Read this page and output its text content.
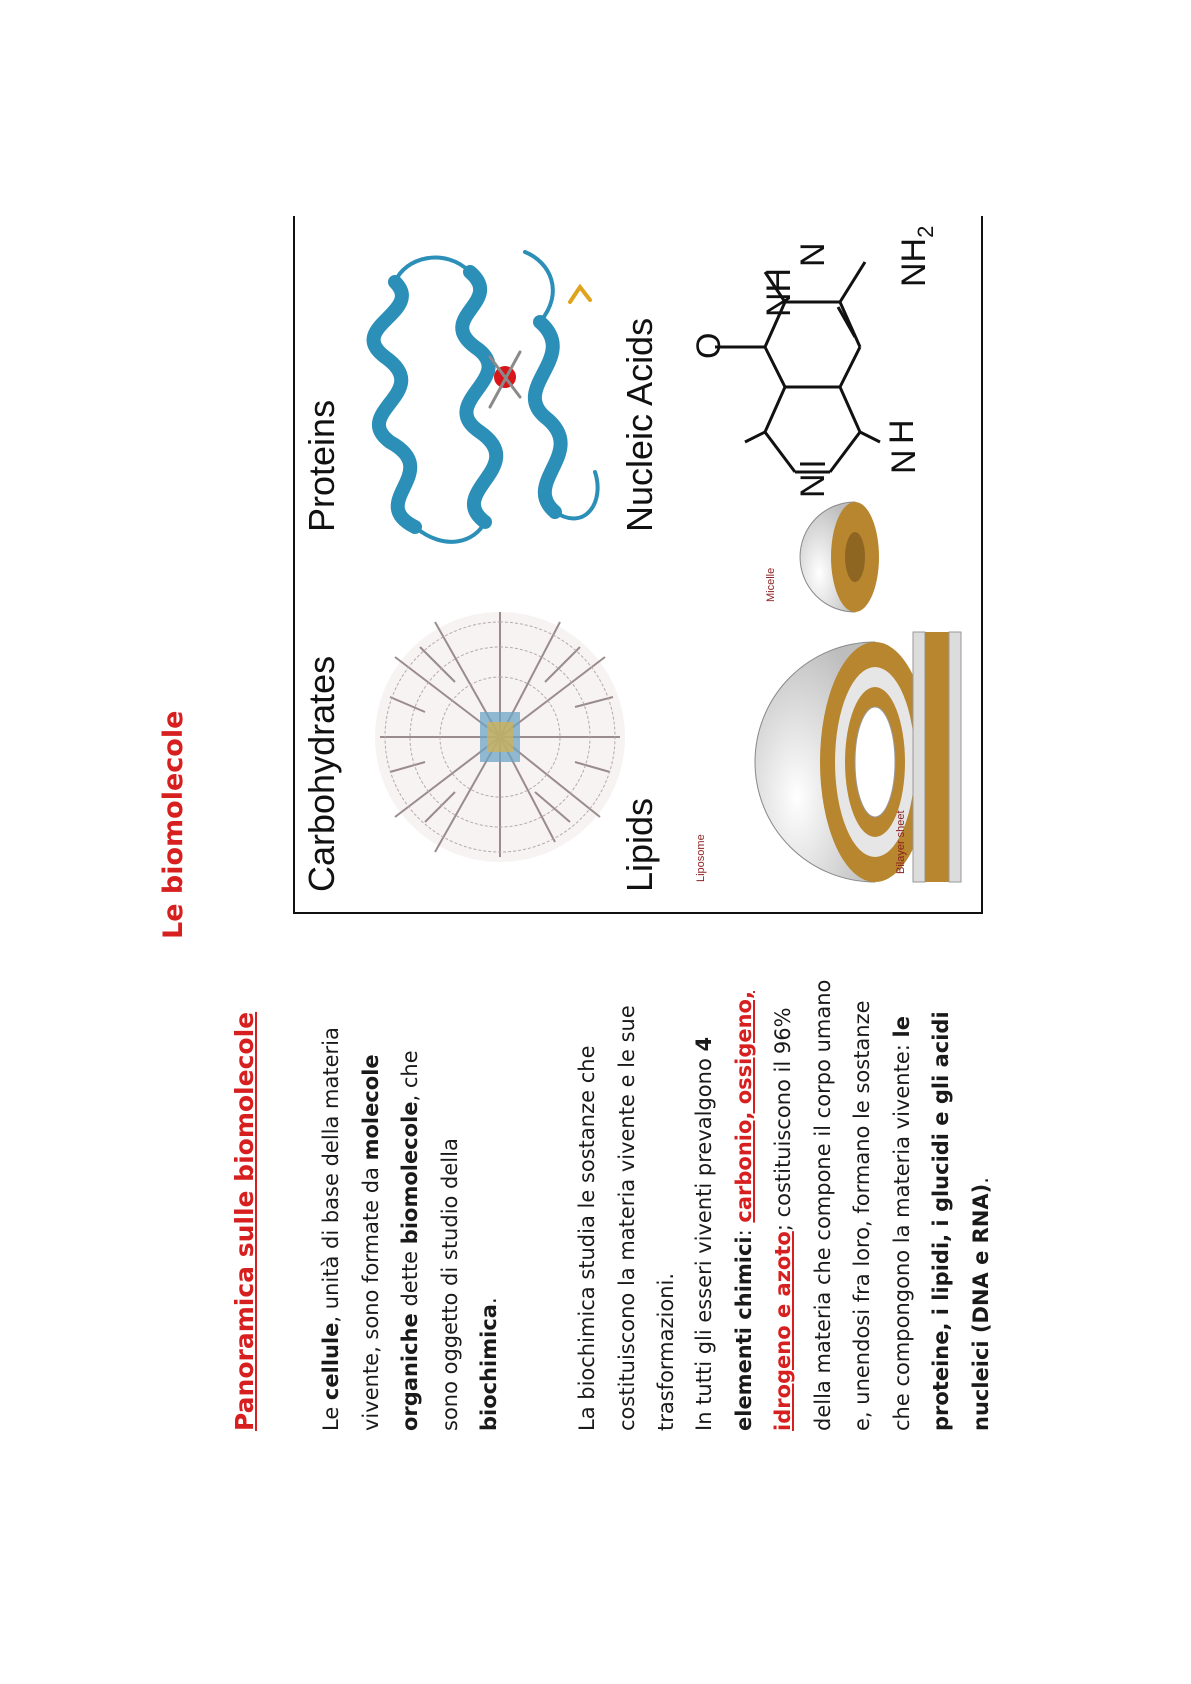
Le biomolecole
Panoramica sulle biomolecole	Le cellule, unità di base della materia vivente, sono formate da molecole
organiche dette biomolecole, che
sono oggetto di studio della biochimica.	La biochimica studia le sostanze che costituiscono la materia vivente e le sue trasformazioni. In tutti gli esseri viventi prevalgono 4
elementi chimici: carbonio, ossigeno,
idrogeno e azoto; costituiscono il 96% della materia che compone il corpo umano e, unendosi fra loro, formano le sostanze che compongono la materia vivente: le proteine, i lipidi, i glucidi e gli acidi nucleici (DNA e RNA).
Carbohydrates
Proteins
Lipids
Nucleic Acids
Liposome
Micelle
Bilayer sheet
O
NH
N
N
N
H
$NH_2$
